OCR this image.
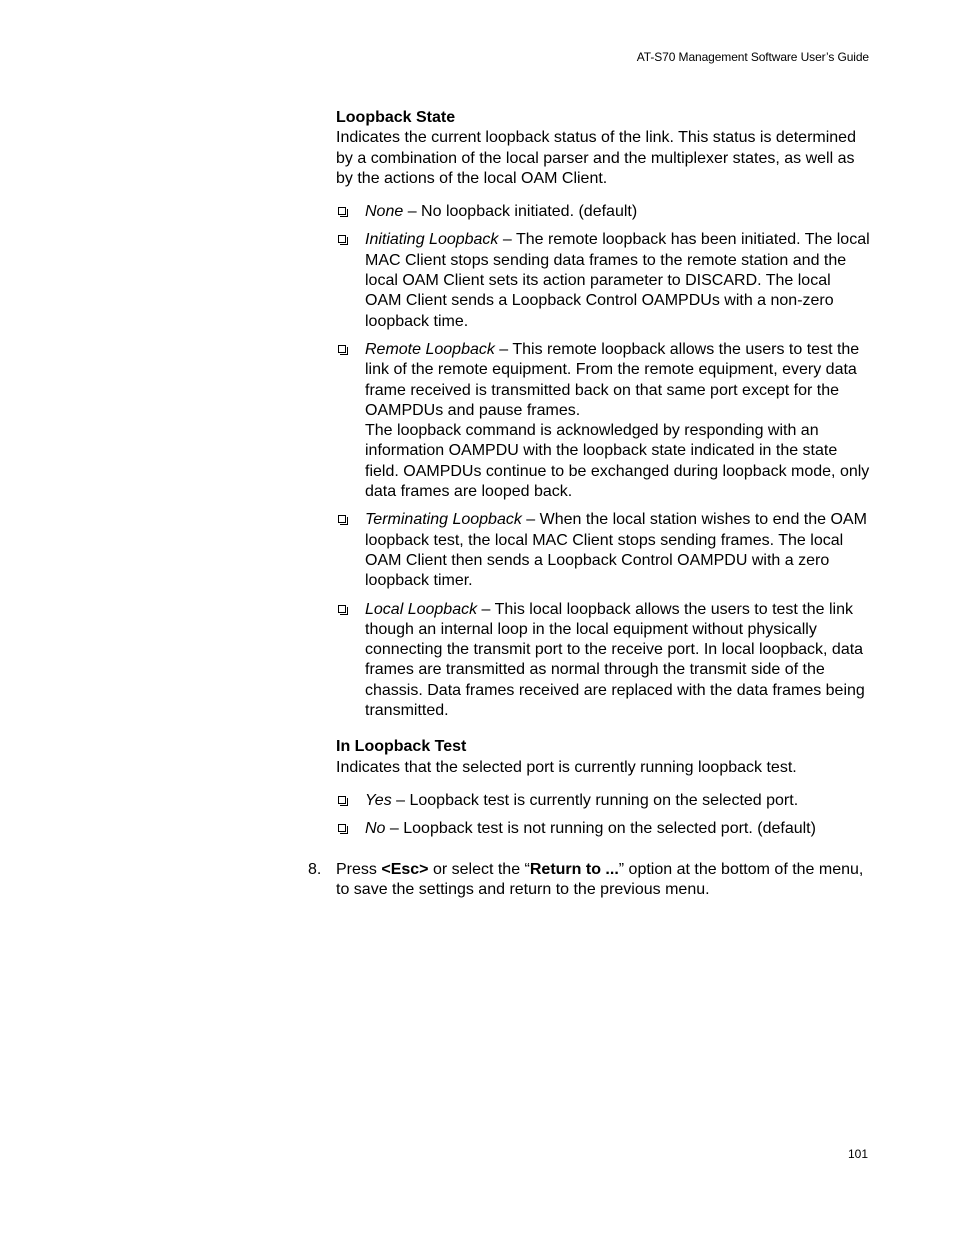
AT-S70 Management Software User’s Guide
Loopback State

Indicates the current loopback status of the link. This status is determined by a combination of the local parser and the multiplexer states, as well as by the actions of the local OAM Client.

None – No loopback initiated. (default)
Initiating Loopback – The remote loopback has been initiated. The local MAC Client stops sending data frames to the remote station and the local OAM Client sets its action parameter to DISCARD. The local OAM Client sends a Loopback Control OAMPDUs with a non-zero loopback time.
Remote Loopback – This remote loopback allows the users to test the link of the remote equipment. From the remote equipment, every data frame received is transmitted back on that same port except for the OAMPDUs and pause frames.
The loopback command is acknowledged by responding with an information OAMPDU with the loopback state indicated in the state field. OAMPDUs continue to be exchanged during loopback mode, only data frames are looped back.
Terminating Loopback – When the local station wishes to end the OAM loopback test, the local MAC Client stops sending frames. The local OAM Client then sends a Loopback Control OAMPDU with a zero loopback timer.
Local Loopback – This local loopback allows the users to test the link though an internal loop in the local equipment without physically connecting the transmit port to the receive port. In local loopback, data frames are transmitted as normal through the transmit side of the chassis. Data frames received are replaced with the data frames being transmitted.
In Loopback Test

Indicates that the selected port is currently running loopback test.

Yes – Loopback test is currently running on the selected port.
No – Loopback test is not running on the selected port. (default)
8. Press <Esc> or select the “Return to ...” option at the bottom of the menu, to save the settings and return to the previous menu.
101
